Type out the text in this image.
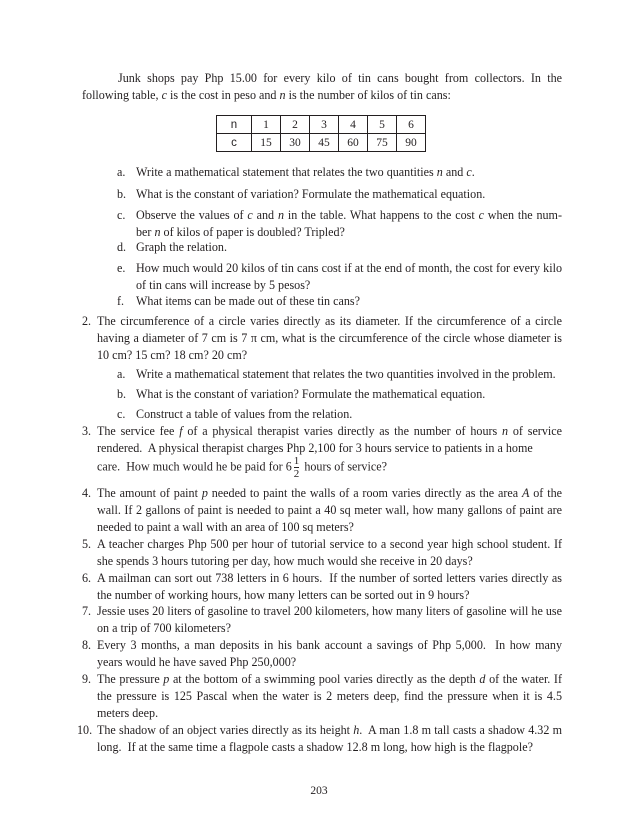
Junk shops pay Php 15.00 for every kilo of tin cans bought from collectors. In the following table, c is the cost in peso and n is the number of kilos of tin cans:

n	1	2	3	4	5	6
c	15	30	45	60	75	90
a. Write a mathematical statement that relates the two quantities n and c.
b. What is the constant of variation? Formulate the mathematical equation.
c. Observe the values of c and n in the table. What happens to the cost c when the num-ber n of kilos of paper is doubled? Tripled?
d. Graph the relation.
e. How much would 20 kilos of tin cans cost if at the end of month, the cost for every kilo of tin cans will increase by 5 pesos?
f. What items can be made out of these tin cans?
2. The circumference of a circle varies directly as its diameter. If the circumference of a circle having a diameter of 7 cm is 7 π cm, what is the circumference of the circle whose diameter is 10 cm? 15 cm? 18 cm? 20 cm?
a. Write a mathematical statement that relates the two quantities involved in the problem.
b. What is the constant of variation? Formulate the mathematical equation.
c. Construct a table of values from the relation.
3. The service fee f of a physical therapist varies directly as the number of hours n of service rendered.  A physical therapist charges Php 2,100 for 3 hours service to patients in a home
care.  How much would he be paid for $6 \frac{1}{2}$ hours of service?
4. The amount of paint p needed to paint the walls of a room varies directly as the area A of the wall. If 2 gallons of paint is needed to paint a 40 sq meter wall, how many gallons of paint are needed to paint a wall with an area of 100 sq meters?
5. A teacher charges Php 500 per hour of tutorial service to a second year high school student. If she spends 3 hours tutoring per day, how much would she receive in 20 days?
6. A mailman can sort out 738 letters in 6 hours.  If the number of sorted letters varies directly as the number of working hours, how many letters can be sorted out in 9 hours?
7. Jessie uses 20 liters of gasoline to travel 200 kilometers, how many liters of gasoline will he use on a trip of 700 kilometers?
8. Every 3 months, a man deposits in his bank account a savings of Php 5,000.  In how many years would he have saved Php 250,000?
9. The pressure p at the bottom of a swimming pool varies directly as the depth d of the water. If the pressure is 125 Pascal when the water is 2 meters deep, find the pressure when it is 4.5 meters deep.
10. The shadow of an object varies directly as its height h.  A man 1.8 m tall casts a shadow 4.32 m long.  If at the same time a flagpole casts a shadow 12.8 m long, how high is the flagpole?
203
